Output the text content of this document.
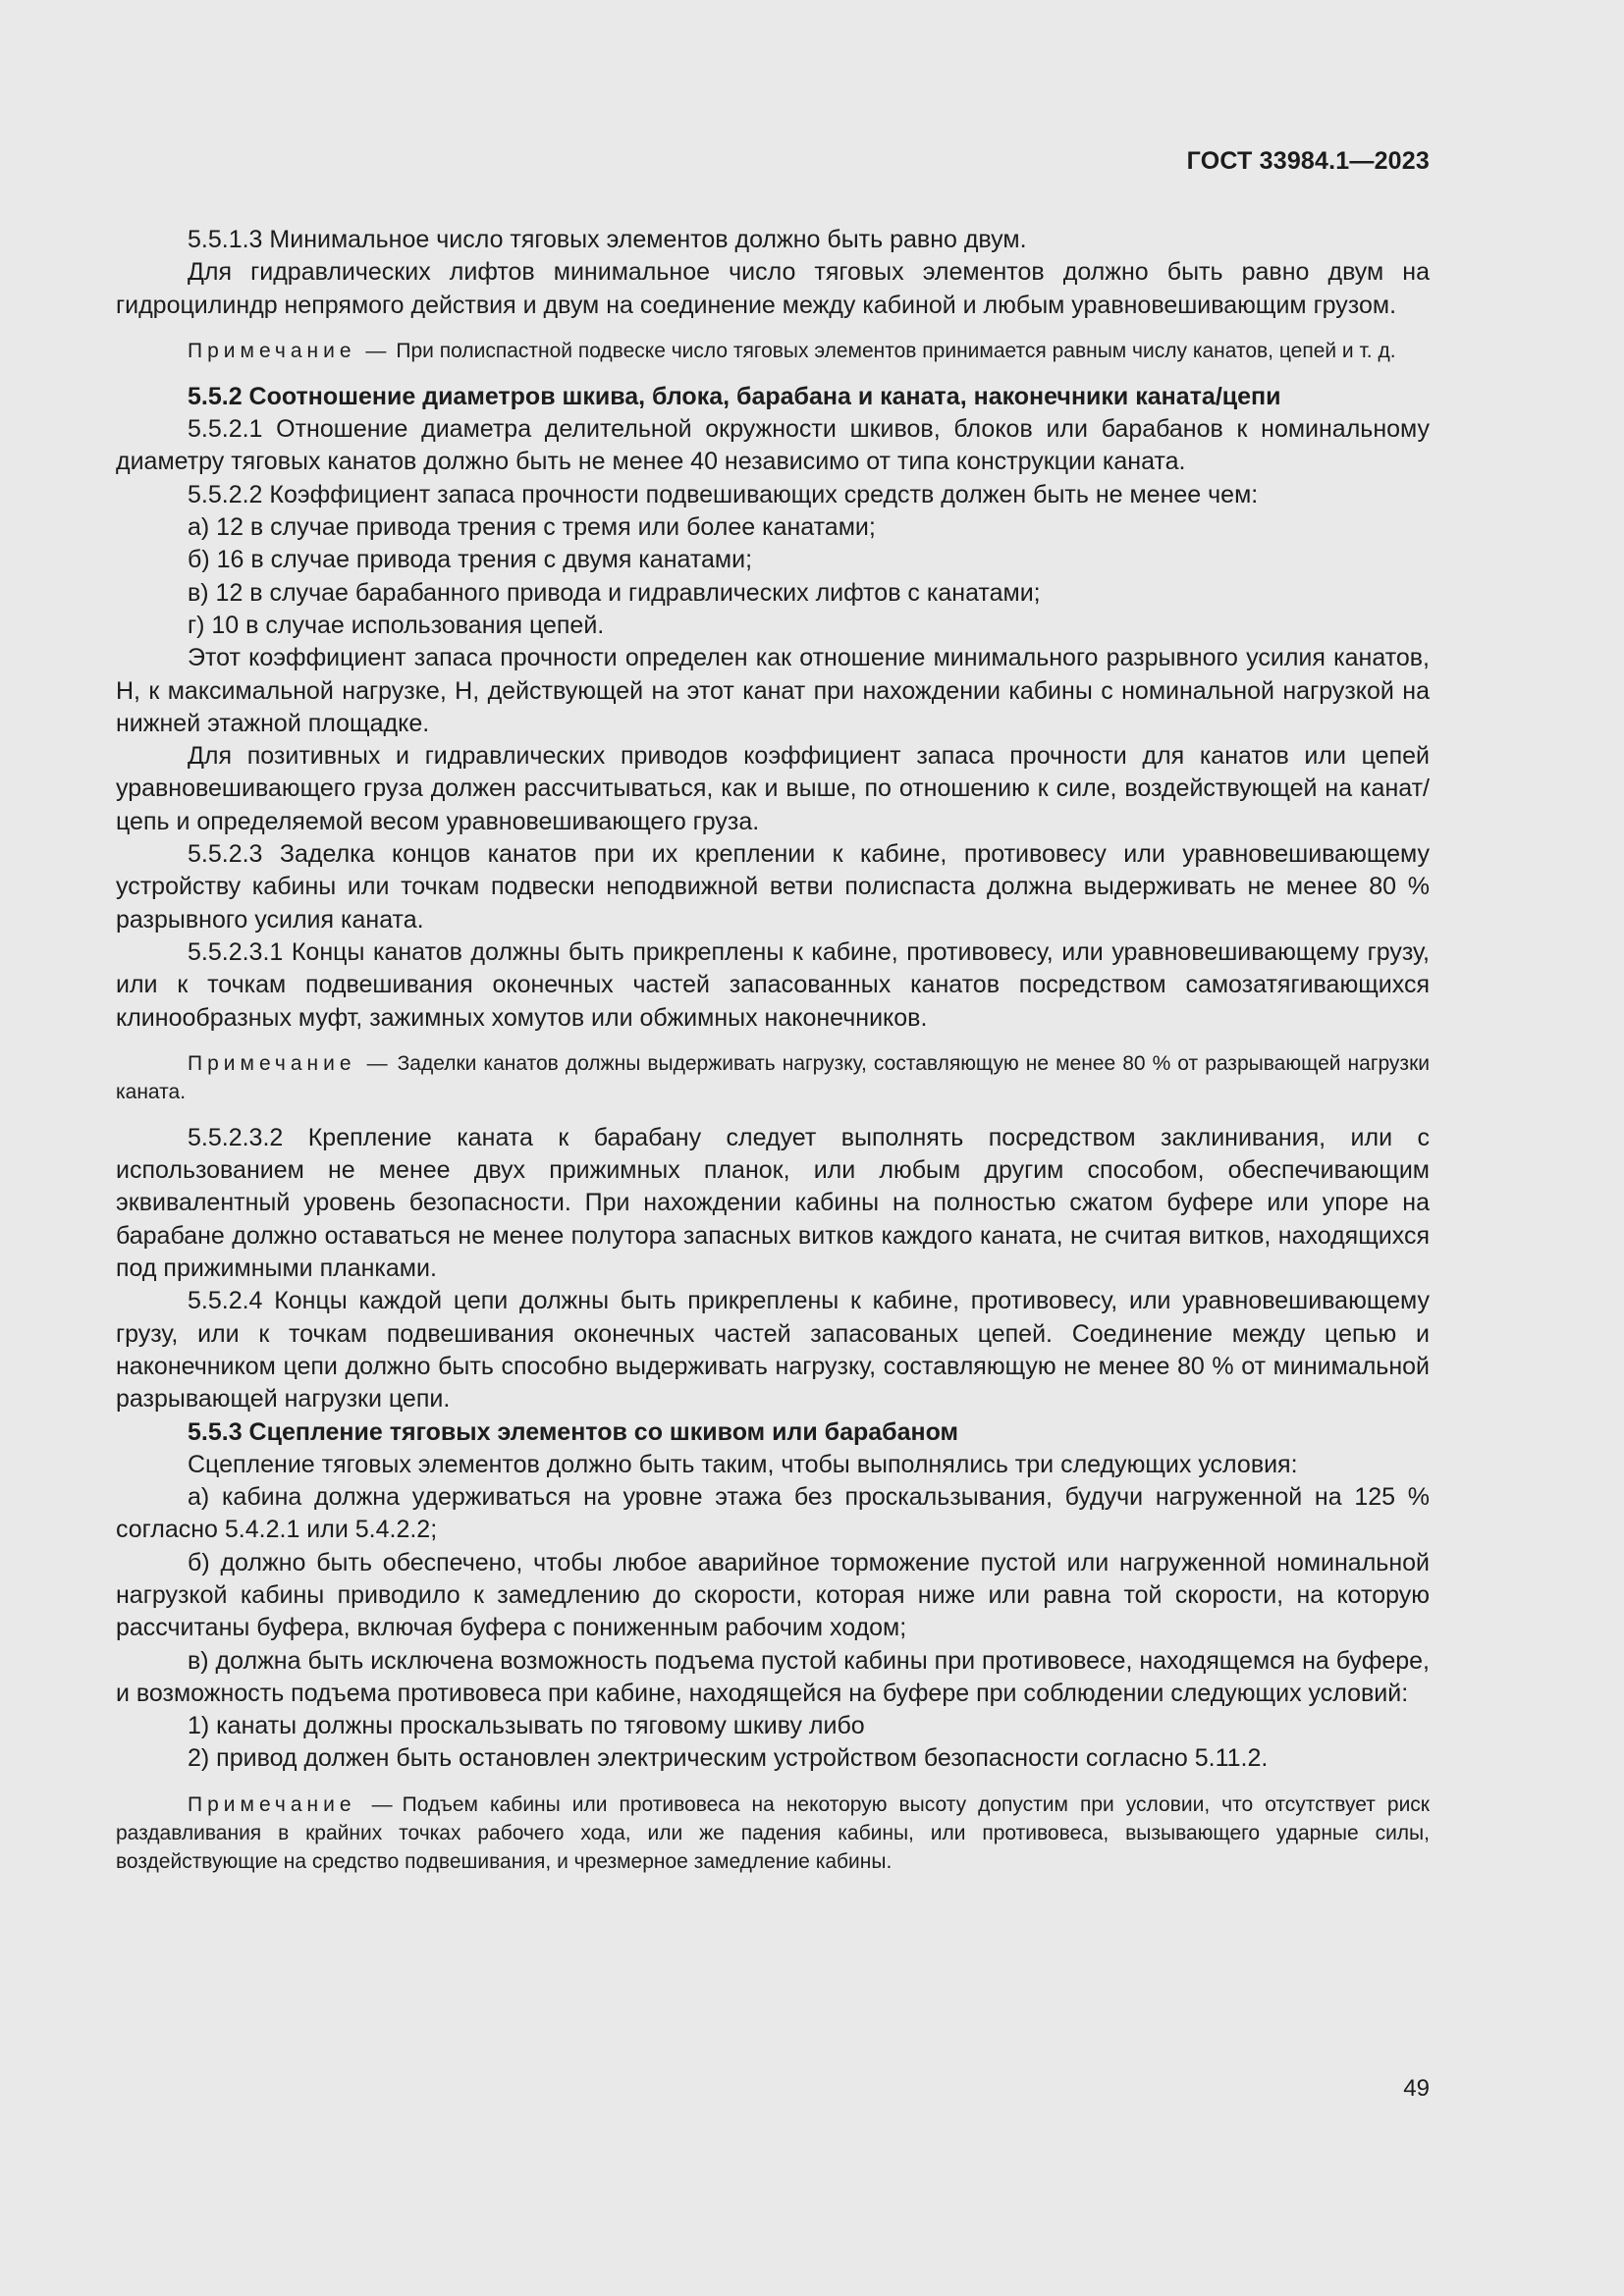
ГОСТ 33984.1—2023

5.5.1.3 Минимальное число тяговых элементов должно быть равно двум.

Для гидравлических лифтов минимальное число тяговых элементов должно быть равно двум на гидроцилиндр непрямого действия и двум на соединение между кабиной и любым уравновешивающим грузом.

Примечание — При полиспастной подвеске число тяговых элементов принимается равным числу канатов, цепей и т. д.

5.5.2 Соотношение диаметров шкива, блока, барабана и каната, наконечники каната/цепи

5.5.2.1 Отношение диаметра делительной окружности шкивов, блоков или барабанов к номинальному диаметру тяговых канатов должно быть не менее 40 независимо от типа конструкции каната.

5.5.2.2 Коэффициент запаса прочности подвешивающих средств должен быть не менее чем:

а) 12 в случае привода трения с тремя или более канатами;

б) 16 в случае привода трения с двумя канатами;

в) 12 в случае барабанного привода и гидравлических лифтов с канатами;

г) 10 в случае использования цепей.

Этот коэффициент запаса прочности определен как отношение минимального разрывного усилия канатов, Н, к максимальной нагрузке, Н, действующей на этот канат при нахождении кабины с номинальной нагрузкой на нижней этажной площадке.

Для позитивных и гидравлических приводов коэффициент запаса прочности для канатов или цепей уравновешивающего груза должен рассчитываться, как и выше, по отношению к силе, воздействующей на канат/цепь и определяемой весом уравновешивающего груза.

5.5.2.3 Заделка концов канатов при их креплении к кабине, противовесу или уравновешивающему устройству кабины или точкам подвески неподвижной ветви полиспаста должна выдерживать не менее 80 % разрывного усилия каната.

5.5.2.3.1 Концы канатов должны быть прикреплены к кабине, противовесу, или уравновешивающему грузу, или к точкам подвешивания оконечных частей запасованных канатов посредством самозатягивающихся клинообразных муфт, зажимных хомутов или обжимных наконечников.

Примечание — Заделки канатов должны выдерживать нагрузку, составляющую не менее 80 % от разрывающей нагрузки каната.

5.5.2.3.2 Крепление каната к барабану следует выполнять посредством заклинивания, или с использованием не менее двух прижимных планок, или любым другим способом, обеспечивающим эквивалентный уровень безопасности. При нахождении кабины на полностью сжатом буфере или упоре на барабане должно оставаться не менее полутора запасных витков каждого каната, не считая витков, находящихся под прижимными планками.

5.5.2.4 Концы каждой цепи должны быть прикреплены к кабине, противовесу, или уравновешивающему грузу, или к точкам подвешивания оконечных частей запасованых цепей. Соединение между цепью и наконечником цепи должно быть способно выдерживать нагрузку, составляющую не менее 80 % от минимальной разрывающей нагрузки цепи.

5.5.3 Сцепление тяговых элементов со шкивом или барабаном

Сцепление тяговых элементов должно быть таким, чтобы выполнялись три следующих условия:

а) кабина должна удерживаться на уровне этажа без проскальзывания, будучи нагруженной на 125 % согласно 5.4.2.1 или 5.4.2.2;

б) должно быть обеспечено, чтобы любое аварийное торможение пустой или нагруженной номинальной нагрузкой кабины приводило к замедлению до скорости, которая ниже или равна той скорости, на которую рассчитаны буфера, включая буфера с пониженным рабочим ходом;

в) должна быть исключена возможность подъема пустой кабины при противовесе, находящемся на буфере, и возможность подъема противовеса при кабине, находящейся на буфере при соблюдении следующих условий:

1) канаты должны проскальзывать по тяговому шкиву либо

2) привод должен быть остановлен электрическим устройством безопасности согласно 5.11.2.

Примечание — Подъем кабины или противовеса на некоторую высоту допустим при условии, что отсутствует риск раздавливания в крайних точках рабочего хода, или же падения кабины, или противовеса, вызывающего ударные силы, воздействующие на средство подвешивания, и чрезмерное замедление кабины.

49
